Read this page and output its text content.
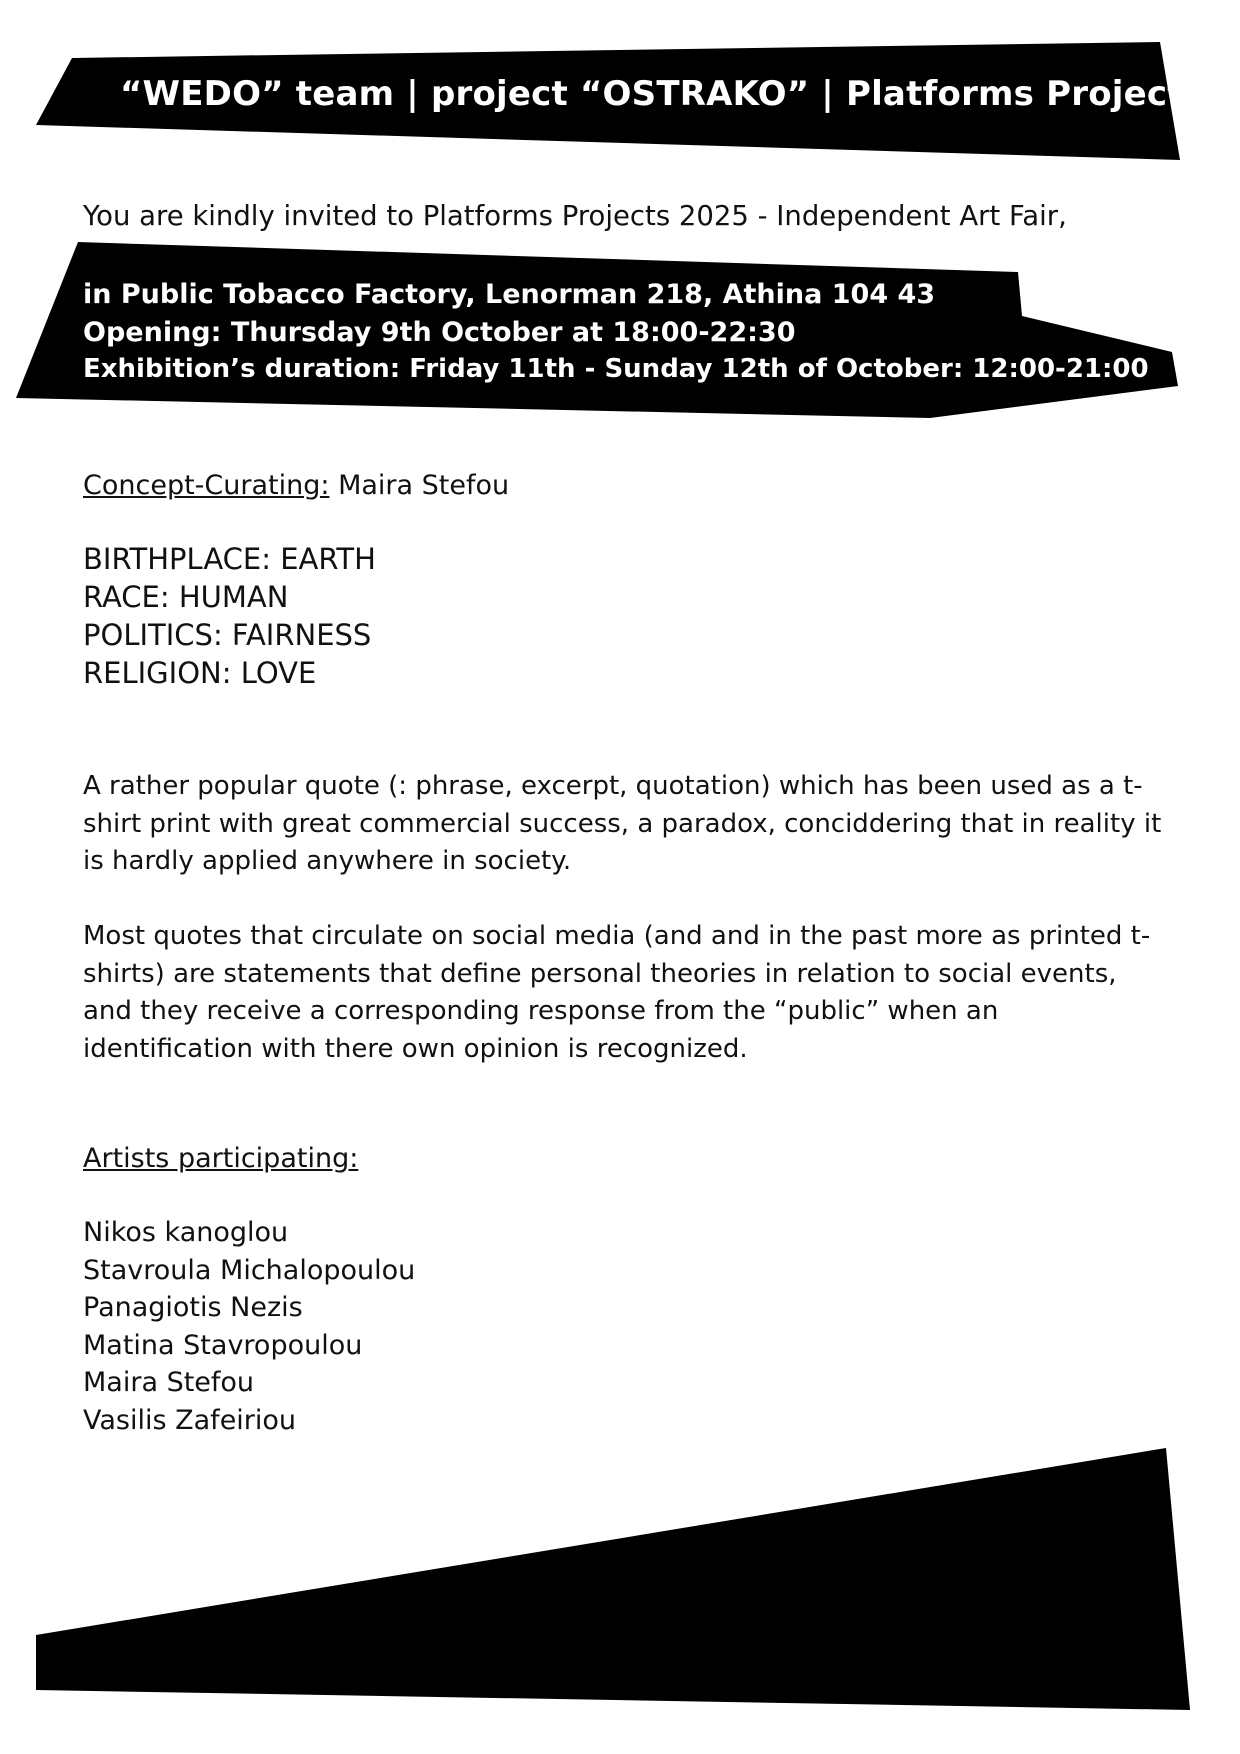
“WEDO” team | project “OSTRAKO” | Platforms Projects
You are kindly invited to Platforms Projects 2025 - Independent Art Fair,
in Public Tobacco Factory, Lenorman 218, Athina 104 43
Opening: Thursday 9th October at 18:00-22:30
Exhibition’s duration: Friday 11th - Sunday 12th of October: 12:00-21:00
Concept-Curating: Maira Stefou
BIRTHPLACE: EARTH
RACE: HUMAN
POLITICS: FAIRNESS
RELIGION: LOVE

A rather popular quote (: phrase, excerpt, quotation) which has been used as a t-shirt print with great commercial success, a paradox, conciddering that in reality it is hardly applied anywhere in society.

Most quotes that circulate on social media (and and in the past more as printed t-shirts) are statements that define personal theories in relation to social events, and they receive a corresponding response from the “public” when an identification with there own opinion is recognized.

Artists participating:
Nikos kanoglou
Stavroula Michalopoulou
Panagiotis Nezis
Matina Stavropoulou
Maira Stefou
Vasilis Zafeiriou
